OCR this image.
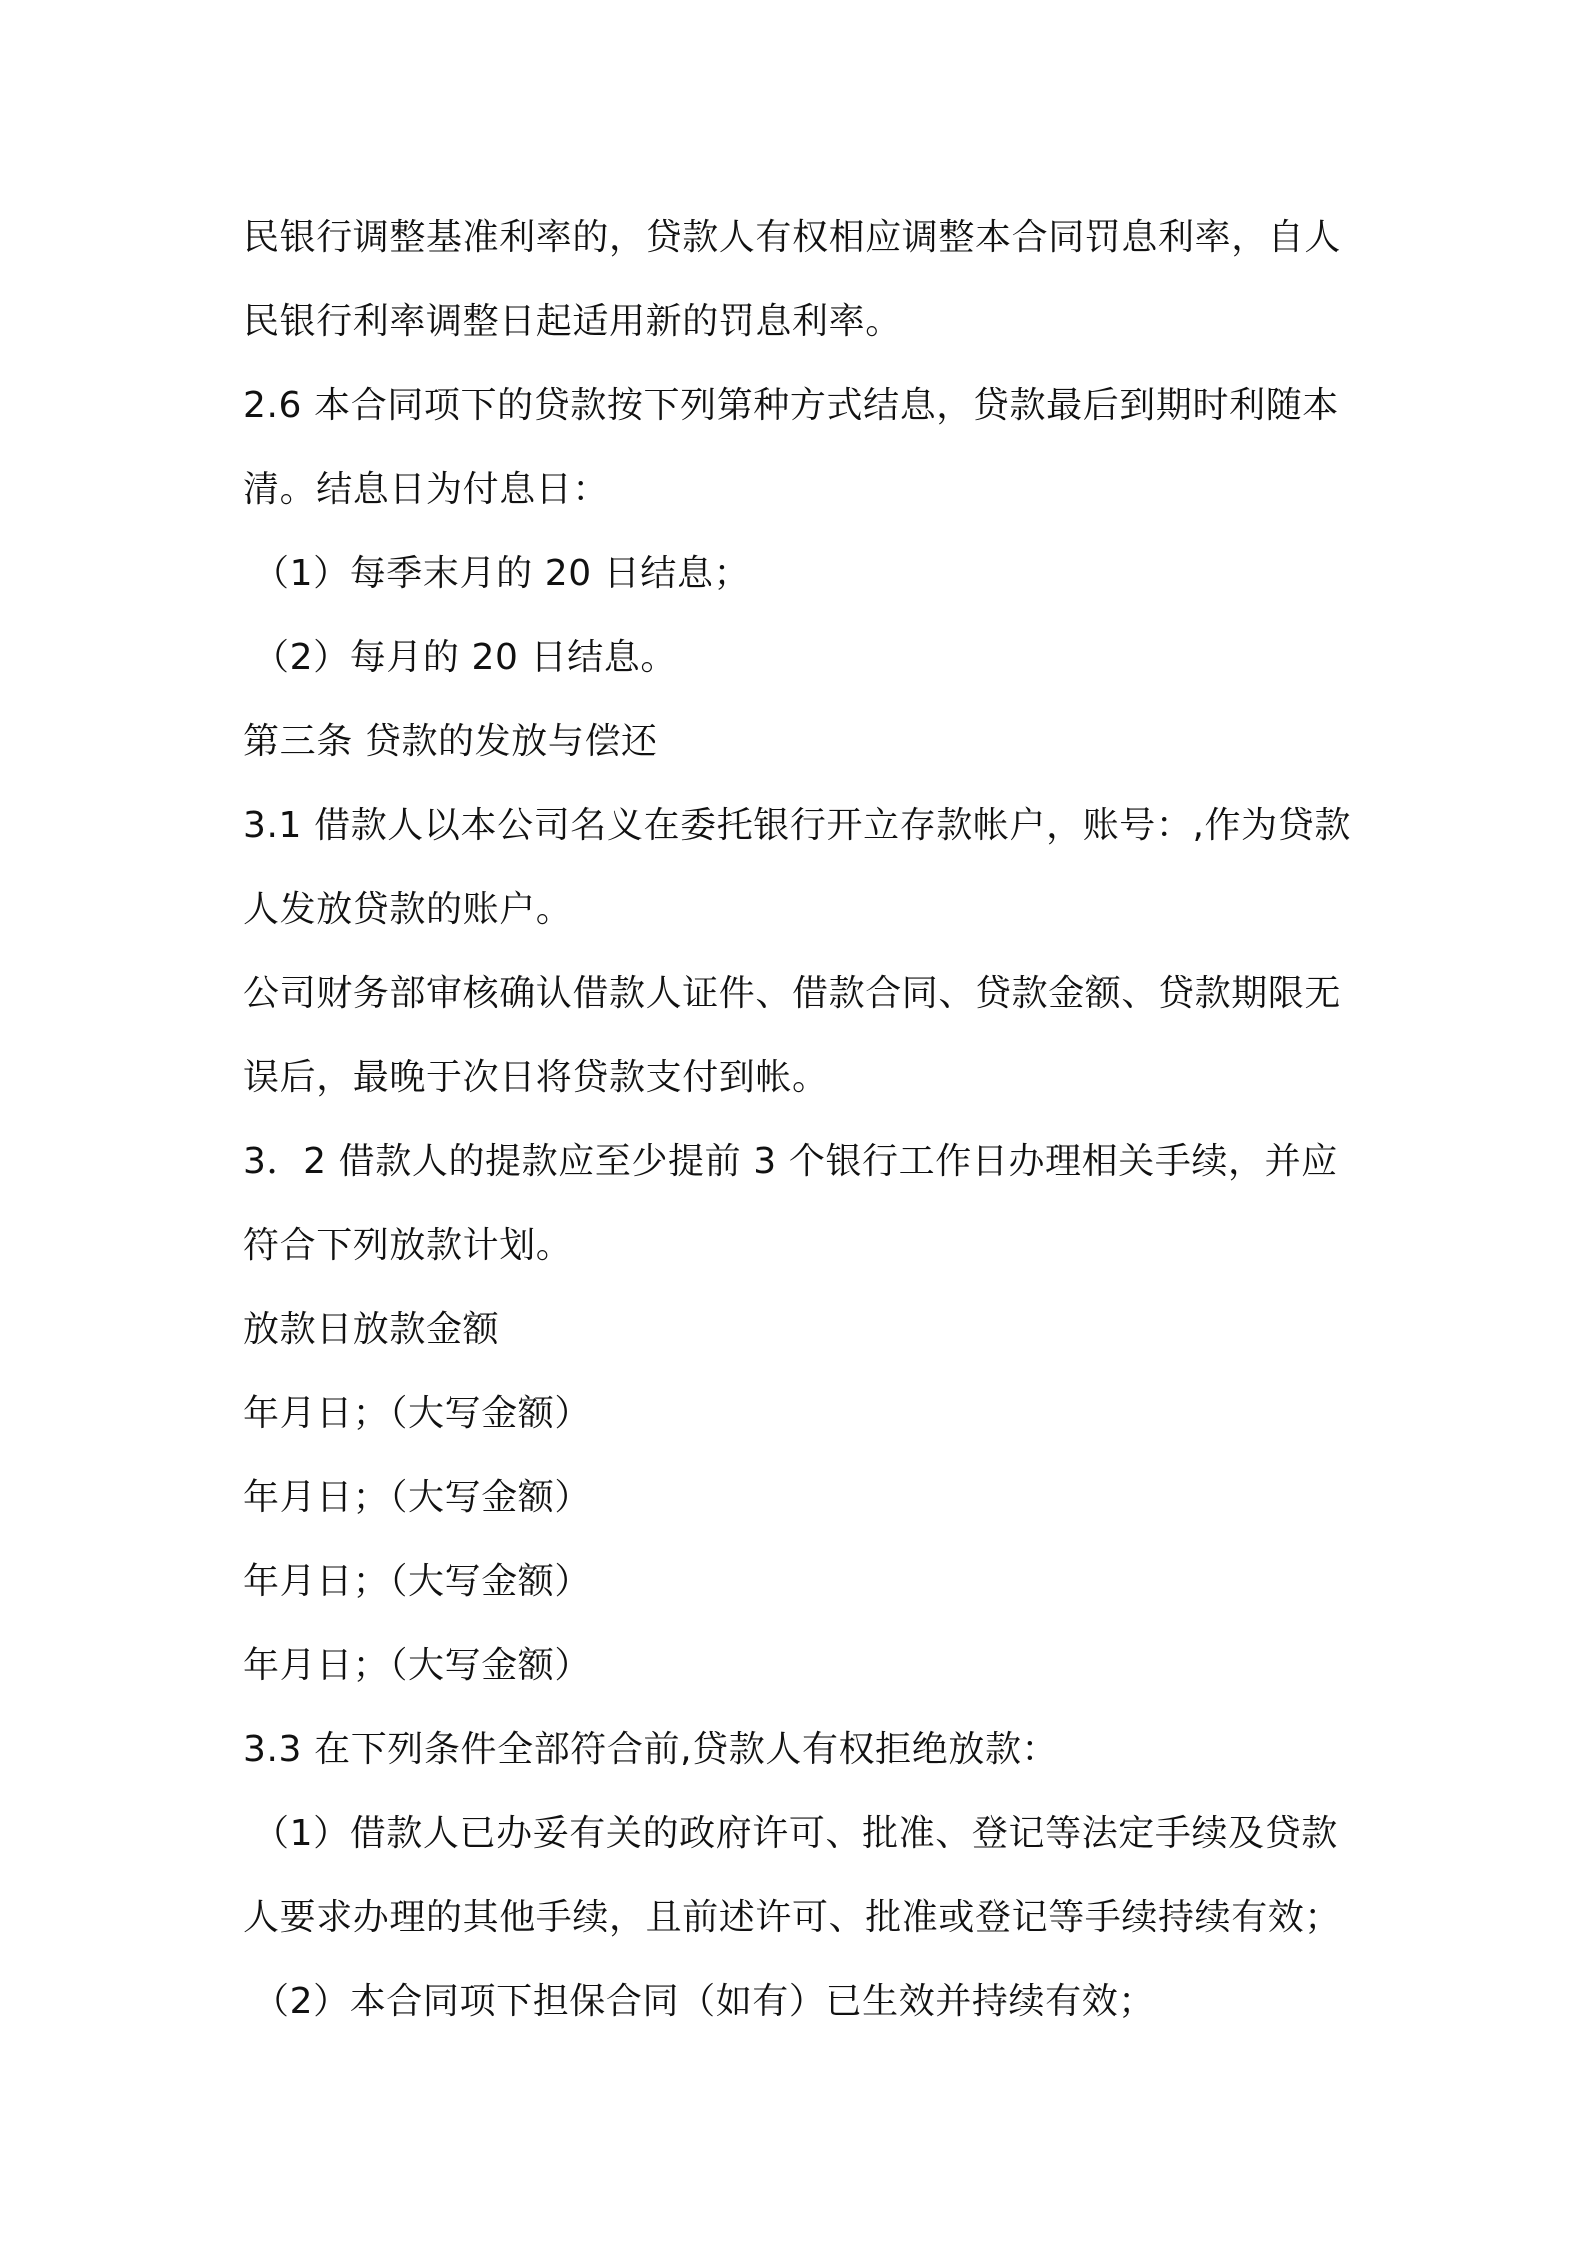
民银行调整基准利率的，贷款人有权相应调整本合同罚息利率，自人
民银行利率调整日起适用新的罚息利率。
2.6 本合同项下的贷款按下列第种方式结息，贷款最后到期时利随本
清。结息日为付息日：
（1）每季末月的 20 日结息；
（2）每月的 20 日结息。
第三条 贷款的发放与偿还
3.1 借款人以本公司名义在委托银行开立存款帐户，账号：,作为贷款
人发放贷款的账户。
公司财务部审核确认借款人证件、借款合同、贷款金额、贷款期限无
误后，最晚于次日将贷款支付到帐。
3．2 借款人的提款应至少提前 3 个银行工作日办理相关手续，并应
符合下列放款计划。
放款日放款金额
年月日；（大写金额）
年月日；（大写金额）
年月日；（大写金额）
年月日；（大写金额）
3.3 在下列条件全部符合前,贷款人有权拒绝放款：
（1）借款人已办妥有关的政府许可、批准、登记等法定手续及贷款
人要求办理的其他手续，且前述许可、批准或登记等手续持续有效；
（2）本合同项下担保合同（如有）已生效并持续有效；
